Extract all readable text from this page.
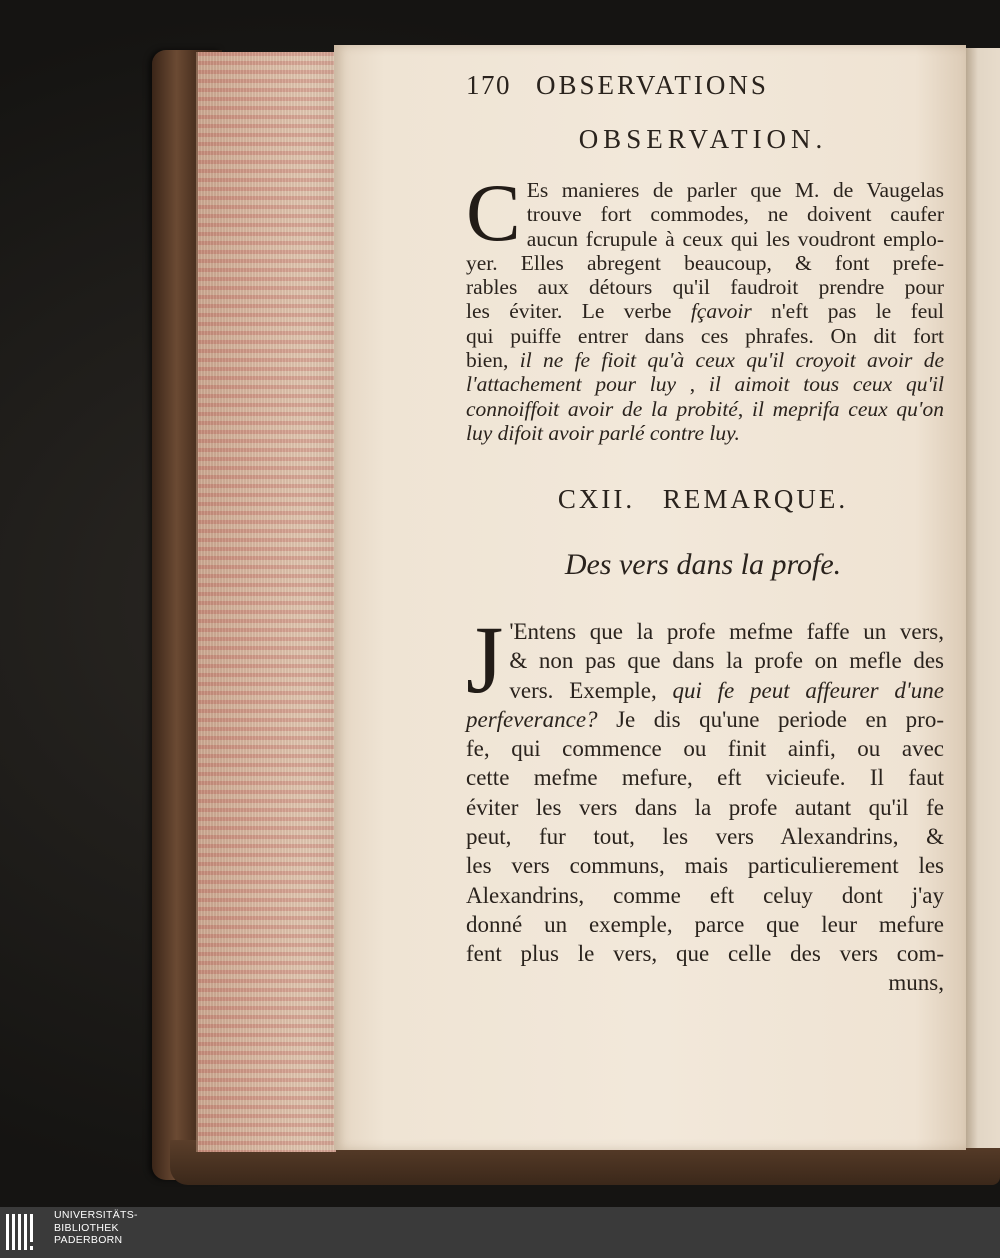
170 OBSERVATIONS
OBSERVATION.
C Es manieres de parler que M. de Vaugelas
trouve fort commodes, ne doivent caufer
aucun fcrupule à ceux qui les voudront emplo-
yer. Elles abregent beaucoup, & font prefe-
rables aux détours qu'il faudroit prendre pour
les éviter. Le verbe fçavoir n'eft pas le feul
qui puiffe entrer dans ces phrafes. On dit fort
bien, il ne fe fioit qu'à ceux qu'il croyoit avoir de
l'attachement pour luy , il aimoit tous ceux qu'il
connoiffoit avoir de la probité, il meprifa ceux qu'on
luy difoit avoir parlé contre luy.
CXII. REMARQUE.
Des vers dans la profe.
J 'Entens que la profe mefme faffe un vers,
& non pas que dans la profe on mefle des
vers. Exemple, qui fe peut affeurer d'une
perfeverance? Je dis qu'une periode en pro-
fe, qui commence ou finit ainfi, ou avec
cette mefme mefure, eft vicieufe. Il faut
éviter les vers dans la profe autant qu'il fe
peut, fur tout, les vers Alexandrins, &
les vers communs, mais particulierement les
Alexandrins, comme eft celuy dont j'ay
donné un exemple, parce que leur mefure
fent plus le vers, que celle des vers com-
muns,
UNIVERSITÄTS-
BIBLIOTHEK
PADERBORN
